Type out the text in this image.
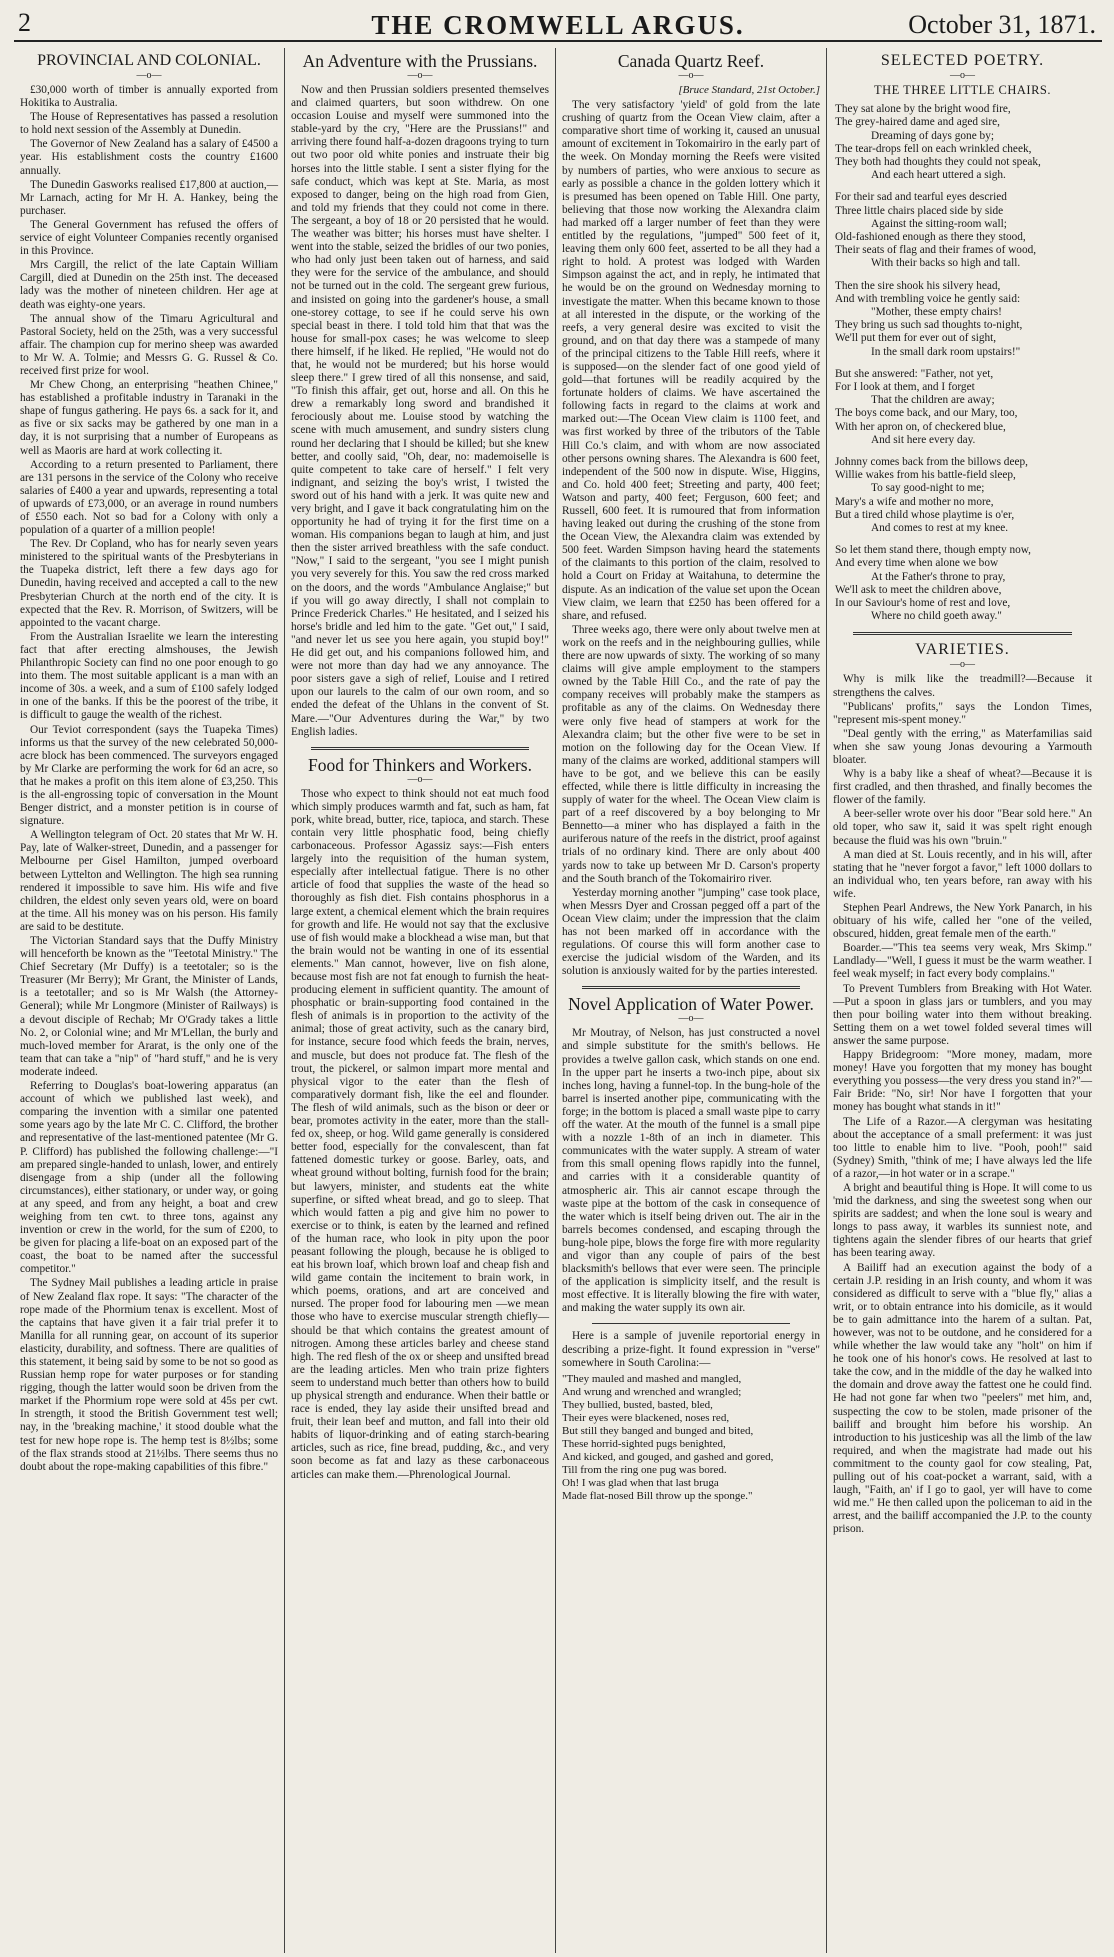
2	THE CROMWELL ARGUS.	October 31, 1871.
PROVINCIAL AND COLONIAL.
—o—

£30,000 worth of timber is annually exported from Hokitika to Australia.

The House of Representatives has passed a resolution to hold next session of the Assembly at Dunedin.

The Governor of New Zealand has a salary of £4500 a year. His establishment costs the country £1600 annually.

The Dunedin Gasworks realised £17,800 at auction,—Mr Larnach, acting for Mr H. A. Hankey, being the purchaser.

The General Government has refused the offers of service of eight Volunteer Companies recently organised in this Province.

Mrs Cargill, the relict of the late Captain William Cargill, died at Dunedin on the 25th inst. The deceased lady was the mother of nineteen children. Her age at death was eighty-one years.

The annual show of the Timaru Agricultural and Pastoral Society, held on the 25th, was a very successful affair. The champion cup for merino sheep was awarded to Mr W. A. Tolmie; and Messrs G. G. Russel & Co. received first prize for wool.

Mr Chew Chong, an enterprising "heathen Chinee," has established a profitable industry in Taranaki in the shape of fungus gathering. He pays 6s. a sack for it, and as five or six sacks may be gathered by one man in a day, it is not surprising that a number of Europeans as well as Maoris are hard at work collecting it.

According to a return presented to Parliament, there are 131 persons in the service of the Colony who receive salaries of £400 a year and upwards, representing a total of upwards of £73,000, or an average in round numbers of £550 each. Not so bad for a Colony with only a population of a quarter of a million people!

The Rev. Dr Copland, who has for nearly seven years ministered to the spiritual wants of the Presbyterians in the Tuapeka district, left there a few days ago for Dunedin, having received and accepted a call to the new Presbyterian Church at the north end of the city. It is expected that the Rev. R. Morrison, of Switzers, will be appointed to the vacant charge.

From the Australian Israelite we learn the interesting fact that after erecting almshouses, the Jewish Philanthropic Society can find no one poor enough to go into them. The most suitable applicant is a man with an income of 30s. a week, and a sum of £100 safely lodged in one of the banks. If this be the poorest of the tribe, it is difficult to gauge the wealth of the richest.

Our Teviot correspondent (says the Tuapeka Times) informs us that the survey of the new celebrated 50,000-acre block has been commenced. The surveyors engaged by Mr Clarke are performing the work for 6d an acre, so that he makes a profit on this item alone of £3,250. This is the all-engrossing topic of conversation in the Mount Benger district, and a monster petition is in course of signature.

A Wellington telegram of Oct. 20 states that Mr W. H. Pay, late of Walker-street, Dunedin, and a passenger for Melbourne per Gisel Hamilton, jumped overboard between Lyttelton and Wellington. The high sea running rendered it impossible to save him. His wife and five children, the eldest only seven years old, were on board at the time. All his money was on his person. His family are said to be destitute.

The Victorian Standard says that the Duffy Ministry will henceforth be known as the "Teetotal Ministry." The Chief Secretary (Mr Duffy) is a teetotaler; so is the Treasurer (Mr Berry); Mr Grant, the Minister of Lands, is a teetotaller; and so is Mr Walsh (the Attorney-General); while Mr Longmore (Minister of Railways) is a devout disciple of Rechab; Mr O'Grady takes a little No. 2, or Colonial wine; and Mr M'Lellan, the burly and much-loved member for Ararat, is the only one of the team that can take a "nip" of "hard stuff," and he is very moderate indeed.

Referring to Douglas's boat-lowering apparatus (an account of which we published last week), and comparing the invention with a similar one patented some years ago by the late Mr C. C. Clifford, the brother and representative of the last-mentioned patentee (Mr G. P. Clifford) has published the following challenge:—"I am prepared single-handed to unlash, lower, and entirely disengage from a ship (under all the following circumstances), either stationary, or under way, or going at any speed, and from any height, a boat and crew weighing from ten cwt. to three tons, against any invention or crew in the world, for the sum of £200, to be given for placing a life-boat on an exposed part of the coast, the boat to be named after the successful competitor."

The Sydney Mail publishes a leading article in praise of New Zealand flax rope. It says: "The character of the rope made of the Phormium tenax is excellent. Most of the captains that have given it a fair trial prefer it to Manilla for all running gear, on account of its superior elasticity, durability, and softness. There are qualities of this statement, it being said by some to be not so good as Russian hemp rope for water purposes or for standing rigging, though the latter would soon be driven from the market if the Phormium rope were sold at 45s per cwt. In strength, it stood the British Government test well; nay, in the 'breaking machine,' it stood double what the test for new hope rope is. The hemp test is 8½lbs; some of the flax strands stood at 21½lbs. There seems thus no doubt about the rope-making capabilities of this fibre."

An Adventure with the Prussians.
—o—

Now and then Prussian soldiers presented themselves and claimed quarters, but soon withdrew. On one occasion Louise and myself were summoned into the stable-yard by the cry, "Here are the Prussians!" and arriving there found half-a-dozen dragoons trying to turn out two poor old white ponies and instruate their big horses into the little stable. I sent a sister flying for the safe conduct, which was kept at Ste. Maria, as most exposed to danger, being on the high road from Gien, and told my friends that they could not come in there. The sergeant, a boy of 18 or 20 persisted that he would. The weather was bitter; his horses must have shelter. I went into the stable, seized the bridles of our two ponies, who had only just been taken out of harness, and said they were for the service of the ambulance, and should not be turned out in the cold. The sergeant grew furious, and insisted on going into the gardener's house, a small one-storey cottage, to see if he could serve his own special beast in there. I told told him that that was the house for small-pox cases; he was welcome to sleep there himself, if he liked. He replied, "He would not do that, he would not be murdered; but his horse would sleep there." I grew tired of all this nonsense, and said, "To finish this affair, get out, horse and all. On this he drew a remarkably long sword and brandished it ferociously about me. Louise stood by watching the scene with much amusement, and sundry sisters clung round her declaring that I should be killed; but she knew better, and coolly said, "Oh, dear, no: mademoiselle is quite competent to take care of herself." I felt very indignant, and seizing the boy's wrist, I twisted the sword out of his hand with a jerk. It was quite new and very bright, and I gave it back congratulating him on the opportunity he had of trying it for the first time on a woman. His companions began to laugh at him, and just then the sister arrived breathless with the safe conduct. "Now," I said to the sergeant, "you see I might punish you very severely for this. You saw the red cross marked on the doors, and the words "Ambulance Anglaise;" but if you will go away directly, I shall not complain to Prince Frederick Charles." He hesitated, and I seized his horse's bridle and led him to the gate. "Get out," I said, "and never let us see you here again, you stupid boy!" He did get out, and his companions followed him, and were not more than day had we any annoyance. The poor sisters gave a sigh of relief, Louise and I retired upon our laurels to the calm of our own room, and so ended the defeat of the Uhlans in the convent of St. Mare.—"Our Adventures during the War," by two English ladies.

Food for Thinkers and Workers.
—o—

Those who expect to think should not eat much food which simply produces warmth and fat, such as ham, fat pork, white bread, butter, rice, tapioca, and starch. These contain very little phosphatic food, being chiefly carbonaceous. Professor Agassiz says:—Fish enters largely into the requisition of the human system, especially after intellectual fatigue. There is no other article of food that supplies the waste of the head so thoroughly as fish diet. Fish contains phosphorus in a large extent, a chemical element which the brain requires for growth and life. He would not say that the exclusive use of fish would make a blockhead a wise man, but that the brain would not be wanting in one of its essential elements." Man cannot, however, live on fish alone, because most fish are not fat enough to furnish the heat-producing element in sufficient quantity. The amount of phosphatic or brain-supporting food contained in the flesh of animals is in proportion to the activity of the animal; those of great activity, such as the canary bird, for instance, secure food which feeds the brain, nerves, and muscle, but does not produce fat. The flesh of the trout, the pickerel, or salmon impart more mental and physical vigor to the eater than the flesh of comparatively dormant fish, like the eel and flounder. The flesh of wild animals, such as the bison or deer or bear, promotes activity in the eater, more than the stall-fed ox, sheep, or hog. Wild game generally is considered better food, especially for the convalescent, than fat fattened domestic turkey or goose. Barley, oats, and wheat ground without bolting, furnish food for the brain; but lawyers, minister, and students eat the white superfine, or sifted wheat bread, and go to sleep. That which would fatten a pig and give him no power to exercise or to think, is eaten by the learned and refined of the human race, who look in pity upon the poor peasant following the plough, because he is obliged to eat his brown loaf, which brown loaf and cheap fish and wild game contain the incitement to brain work, in which poems, orations, and art are conceived and nursed. The proper food for labouring men —we mean those who have to exercise muscular strength chiefly—should be that which contains the greatest amount of nitrogen. Among these articles barley and cheese stand high. The red flesh of the ox or sheep and unsifted bread are the leading articles. Men who train prize fighters seem to understand much better than others how to build up physical strength and endurance. When their battle or race is ended, they lay aside their unsifted bread and fruit, their lean beef and mutton, and fall into their old habits of liquor-drinking and of eating starch-bearing articles, such as rice, fine bread, pudding, &c., and very soon become as fat and lazy as these carbonaceous articles can make them.—Phrenological Journal.

Canada Quartz Reef.
—o—
[Bruce Standard, 21st October.]

The very satisfactory 'yield' of gold from the late crushing of quartz from the Ocean View claim, after a comparative short time of working it, caused an unusual amount of excitement in Tokomairiro in the early part of the week. On Monday morning the Reefs were visited by numbers of parties, who were anxious to secure as early as possible a chance in the golden lottery which it is presumed has been opened on Table Hill. One party, believing that those now working the Alexandra claim had marked off a larger number of feet than they were entitled by the regulations, "jumped" 500 feet of it, leaving them only 600 feet, asserted to be all they had a right to hold. A protest was lodged with Warden Simpson against the act, and in reply, he intimated that he would be on the ground on Wednesday morning to investigate the matter. When this became known to those at all interested in the dispute, or the working of the reefs, a very general desire was excited to visit the ground, and on that day there was a stampede of many of the principal citizens to the Table Hill reefs, where it is supposed—on the slender fact of one good yield of gold—that fortunes will be readily acquired by the fortunate holders of claims. We have ascertained the following facts in regard to the claims at work and marked out:—The Ocean View claim is 1100 feet, and was first worked by three of the tributors of the Table Hill Co.'s claim, and with whom are now associated other persons owning shares. The Alexandra is 600 feet, independent of the 500 now in dispute. Wise, Higgins, and Co. hold 400 feet; Streeting and party, 400 feet; Watson and party, 400 feet; Ferguson, 600 feet; and Russell, 600 feet. It is rumoured that from information having leaked out during the crushing of the stone from the Ocean View, the Alexandra claim was extended by 500 feet. Warden Simpson having heard the statements of the claimants to this portion of the claim, resolved to hold a Court on Friday at Waitahuna, to determine the dispute. As an indication of the value set upon the Ocean View claim, we learn that £250 has been offered for a share, and refused.

Three weeks ago, there were only about twelve men at work on the reefs and in the neighbouring gullies, while there are now upwards of sixty. The working of so many claims will give ample employment to the stampers owned by the Table Hill Co., and the rate of pay the company receives will probably make the stampers as profitable as any of the claims. On Wednesday there were only five head of stampers at work for the Alexandra claim; but the other five were to be set in motion on the following day for the Ocean View. If many of the claims are worked, additional stampers will have to be got, and we believe this can be easily effected, while there is little difficulty in increasing the supply of water for the wheel. The Ocean View claim is part of a reef discovered by a boy belonging to Mr Bennetto—a miner who has displayed a faith in the auriferous nature of the reefs in the district, proof against trials of no ordinary kind. There are only about 400 yards now to take up between Mr D. Carson's property and the South branch of the Tokomairiro river.

Yesterday morning another "jumping" case took place, when Messrs Dyer and Crossan pegged off a part of the Ocean View claim; under the impression that the claim has not been marked off in accordance with the regulations. Of course this will form another case to exercise the judicial wisdom of the Warden, and its solution is anxiously waited for by the parties interested.

Novel Application of Water Power.
—o—

Mr Moutray, of Nelson, has just constructed a novel and simple substitute for the smith's bellows. He provides a twelve gallon cask, which stands on one end. In the upper part he inserts a two-inch pipe, about six inches long, having a funnel-top. In the bung-hole of the barrel is inserted another pipe, communicating with the forge; in the bottom is placed a small waste pipe to carry off the water. At the mouth of the funnel is a small pipe with a nozzle 1-8th of an inch in diameter. This communicates with the water supply. A stream of water from this small opening flows rapidly into the funnel, and carries with it a considerable quantity of atmospheric air. This air cannot escape through the waste pipe at the bottom of the cask in consequence of the water which is itself being driven out. The air in the barrels becomes condensed, and escaping through the bung-hole pipe, blows the forge fire with more regularity and vigor than any couple of pairs of the best blacksmith's bellows that ever were seen. The principle of the application is simplicity itself, and the result is most effective. It is literally blowing the fire with water, and making the water supply its own air.

Here is a sample of juvenile reportorial energy in describing a prize-fight. It found expression in "verse" somewhere in South Carolina:—

"They mauled and mashed and mangled,
And wrung and wrenched and wrangled;
They bullied, busted, basted, bled,
Their eyes were blackened, noses red,
But still they banged and bunged and bited,
These horrid-sighted pugs benighted,
And kicked, and gouged, and gashed and gored,
Till from the ring one pug was bored.
Oh! I was glad when that last bruga
Made flat-nosed Bill throw up the sponge."
SELECTED POETRY.
—o—
THE THREE LITTLE CHAIRS.
They sat alone by the bright wood fire,
The grey-haired dame and aged sire,
Dreaming of days gone by;
The tear-drops fell on each wrinkled cheek,
They both had thoughts they could not speak,
And each heart uttered a sigh.
For their sad and tearful eyes descried
Three little chairs placed side by side
Against the sitting-room wall;
Old-fashioned enough as there they stood,
Their seats of flag and their frames of wood,
With their backs so high and tall.
Then the sire shook his silvery head,
And with trembling voice he gently said:
"Mother, these empty chairs!
They bring us such sad thoughts to-night,
We'll put them for ever out of sight,
In the small dark room upstairs!"
But she answered: "Father, not yet,
For I look at them, and I forget
That the children are away;
The boys come back, and our Mary, too,
With her apron on, of checkered blue,
And sit here every day.
Johnny comes back from the billows deep,
Willie wakes from his battle-field sleep,
To say good-night to me;
Mary's a wife and mother no more,
But a tired child whose playtime is o'er,
And comes to rest at my knee.
So let them stand there, though empty now,
And every time when alone we bow
At the Father's throne to pray,
We'll ask to meet the children above,
In our Saviour's home of rest and love,
Where no child goeth away."
VARIETIES.
—o—

Why is milk like the treadmill?—Because it strengthens the calves.

"Publicans' profits," says the London Times, "represent mis-spent money."

"Deal gently with the erring," as Materfamilias said when she saw young Jonas devouring a Yarmouth bloater.

Why is a baby like a sheaf of wheat?—Because it is first cradled, and then thrashed, and finally becomes the flower of the family.

A beer-seller wrote over his door "Bear sold here." An old toper, who saw it, said it was spelt right enough because the fluid was his own "bruin."

A man died at St. Louis recently, and in his will, after stating that he "never forgot a favor," left 1000 dollars to an individual who, ten years before, ran away with his wife.

Stephen Pearl Andrews, the New York Panarch, in his obituary of his wife, called her "one of the veiled, obscured, hidden, great female men of the earth."

Boarder.—"This tea seems very weak, Mrs Skimp." Landlady—"Well, I guess it must be the warm weather. I feel weak myself; in fact every body complains."

To Prevent Tumblers from Breaking with Hot Water.—Put a spoon in glass jars or tumblers, and you may then pour boiling water into them without breaking. Setting them on a wet towel folded several times will answer the same purpose.

Happy Bridegroom: "More money, madam, more money! Have you forgotten that my money has bought everything you possess—the very dress you stand in?"—Fair Bride: "No, sir! Nor have I forgotten that your money has bought what stands in it!"

The Life of a Razor.—A clergyman was hesitating about the acceptance of a small preferment: it was just too little to enable him to live. "Pooh, pooh!" said (Sydney) Smith, "think of me; I have always led the life of a razor,—in hot water or in a scrape."

A bright and beautiful thing is Hope. It will come to us 'mid the darkness, and sing the sweetest song when our spirits are saddest; and when the lone soul is weary and longs to pass away, it warbles its sunniest note, and tightens again the slender fibres of our hearts that grief has been tearing away.

A Bailiff had an execution against the body of a certain J.P. residing in an Irish county, and whom it was considered as difficult to serve with a "blue fly," alias a writ, or to obtain entrance into his domicile, as it would be to gain admittance into the harem of a sultan. Pat, however, was not to be outdone, and he considered for a while whether the law would take any "holt" on him if he took one of his honor's cows. He resolved at last to take the cow, and in the middle of the day he walked into the domain and drove away the fattest one he could find. He had not gone far when two "peelers" met him, and, suspecting the cow to be stolen, made prisoner of the bailiff and brought him before his worship. An introduction to his justiceship was all the limb of the law required, and when the magistrate had made out his commitment to the county gaol for cow stealing, Pat, pulling out of his coat-pocket a warrant, said, with a laugh, "Faith, an' if I go to gaol, yer will have to come wid me." He then called upon the policeman to aid in the arrest, and the bailiff accompanied the J.P. to the county prison.
